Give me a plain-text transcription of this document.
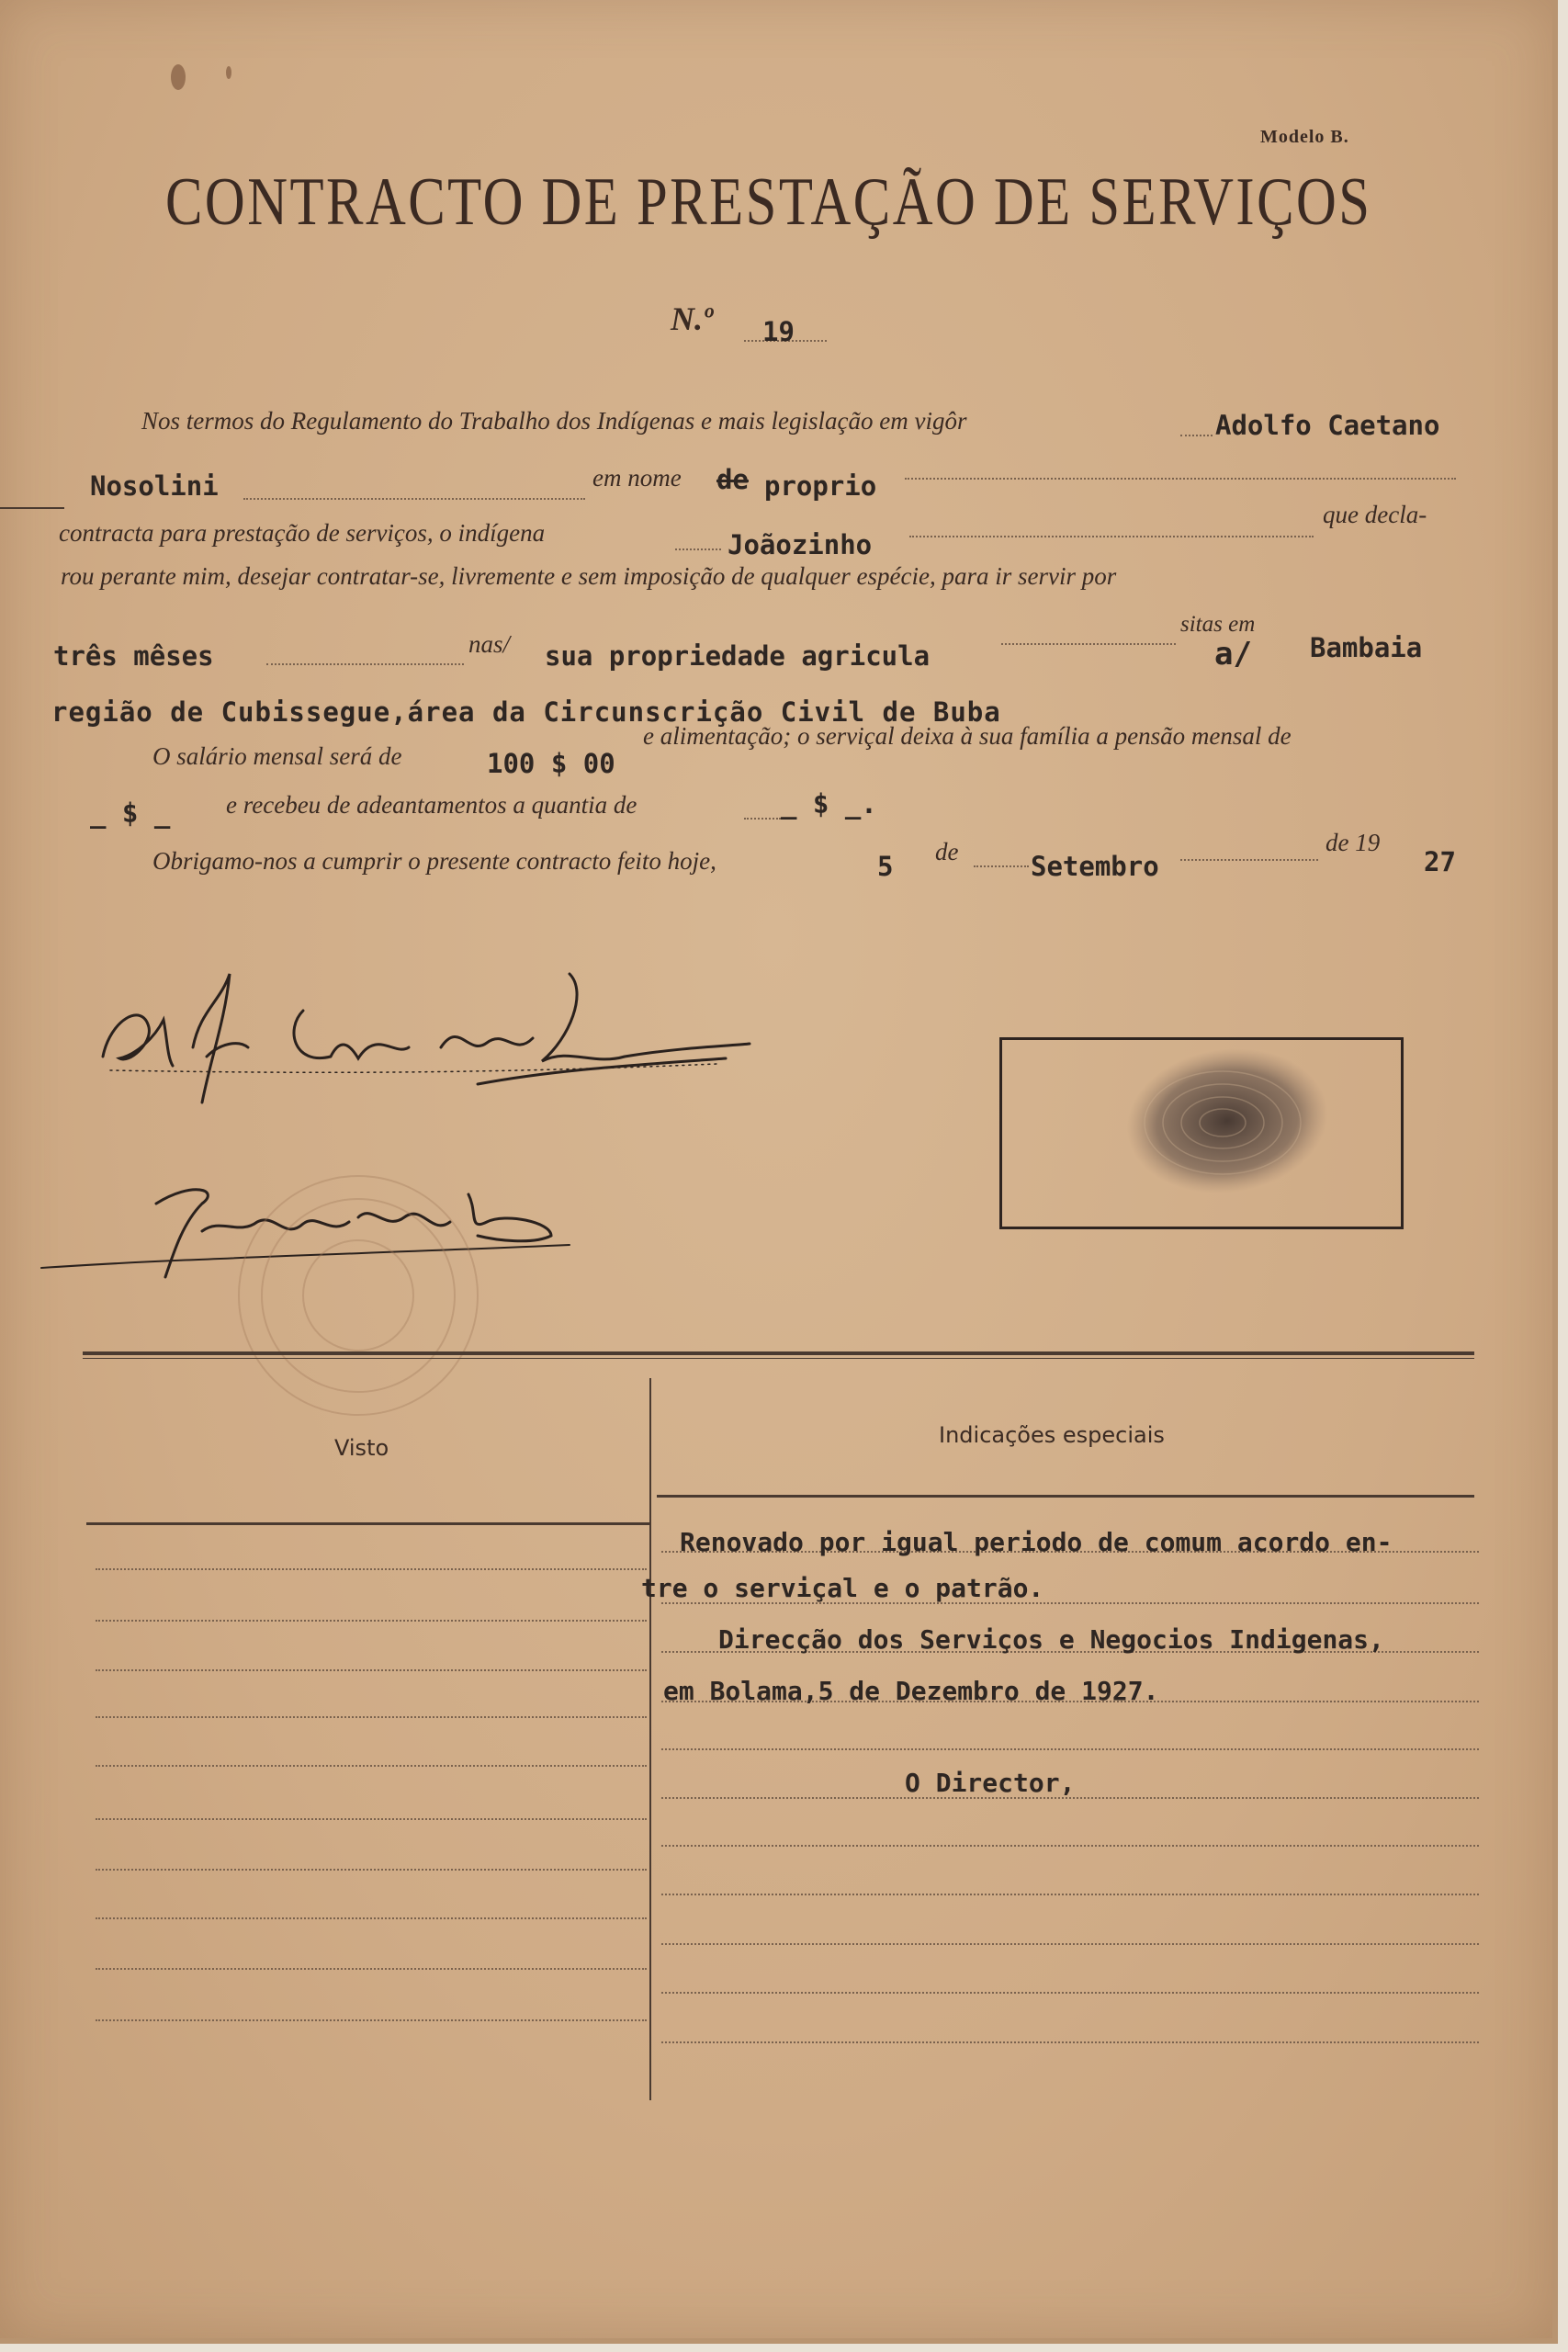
Modelo B.
CONTRACTO DE PRESTAÇÃO DE SERVIÇOS
N.º 19
Nos termos do Regulamento do Trabalho dos Indígenas e mais legislação em vigôr	Adolfo Caetano
Nosolini	em nome de proprio
contracta para prestação de serviços, o indígena	Joãozinho
que decla-
rou perante mim, desejar contratar-se, livremente e sem imposição de qualquer espécie, para ir servir por
três mêses	nas/ sua propriedade agricula
sitas em
a/ Bambaia
região de Cubissegue,área da Circunscrição Civil de Buba
O salário mensal será de	100 $ 00
e alimentação; o serviçal deixa à sua família a pensão mensal de
_ $ _ e recebeu de adeantamentos a quantia de	_ $ _.
Obrigamo-nos a cumprir o presente contracto feito hoje,	5 de	Setembro
de 19
27
Visto	Indicações especiais
Renovado por igual periodo de comum acordo en-
tre o serviçal e o patrão.
Direcção dos Serviços e Negocios Indigenas,
em Bolama,5 de Dezembro de 1927.
O Director,
